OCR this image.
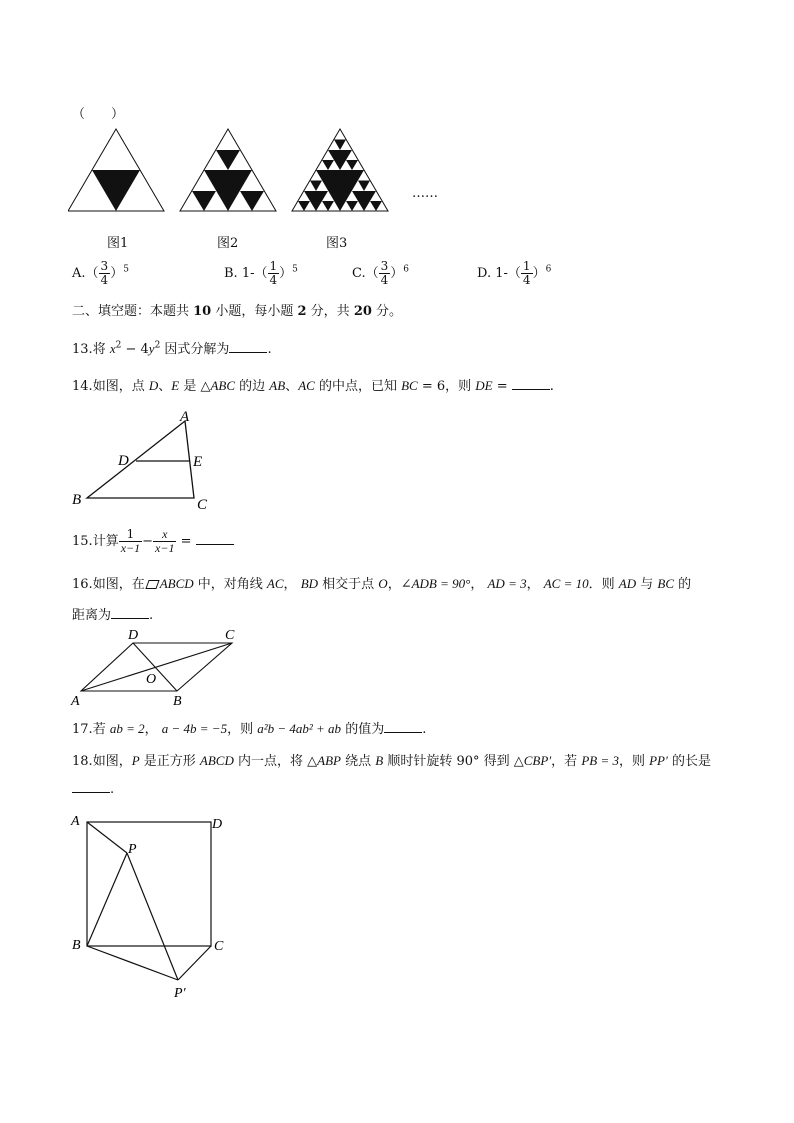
（　　）
……
图1	图2	图3
$A.( \frac{3}{4} )^5$	B. $1-( \frac{1}{4} )^5$	$C.( \frac{3}{4} )^6$	D. $1-( \frac{1}{4} )^6$
二、填空题：本题共 10 小题，每小题 2 分，共 20 分。
13.将 $x^2 - 4y^2$ 因式分解为	.
14.如图，点 D、E 是 △ABC 的边 AB、AC 的中点，已知 BC = 6，则 DE =	.
A
B	C
D	E
15.计算 $\frac{1}{x-1} - \frac{x}{x-1}$ =
16.如图，在 ABCD 中，对角线 AC， BD 相交于点 O，∠ADB = 90°， AD = 3， AC = 10．则 AD 与 BC 的
距离为	.
D	C
A	B
O
17.若 ab = 2， a − 4b = −5，则 a²b − 4ab² + ab 的值为	.
18.如图，P 是正方形 ABCD 内一点，将 △ABP 绕点 B 顺时针旋转 90° 得到 △CBP′，若 PB = 3，则 PP′ 的长是
.
A	D
B	C
P
P′
